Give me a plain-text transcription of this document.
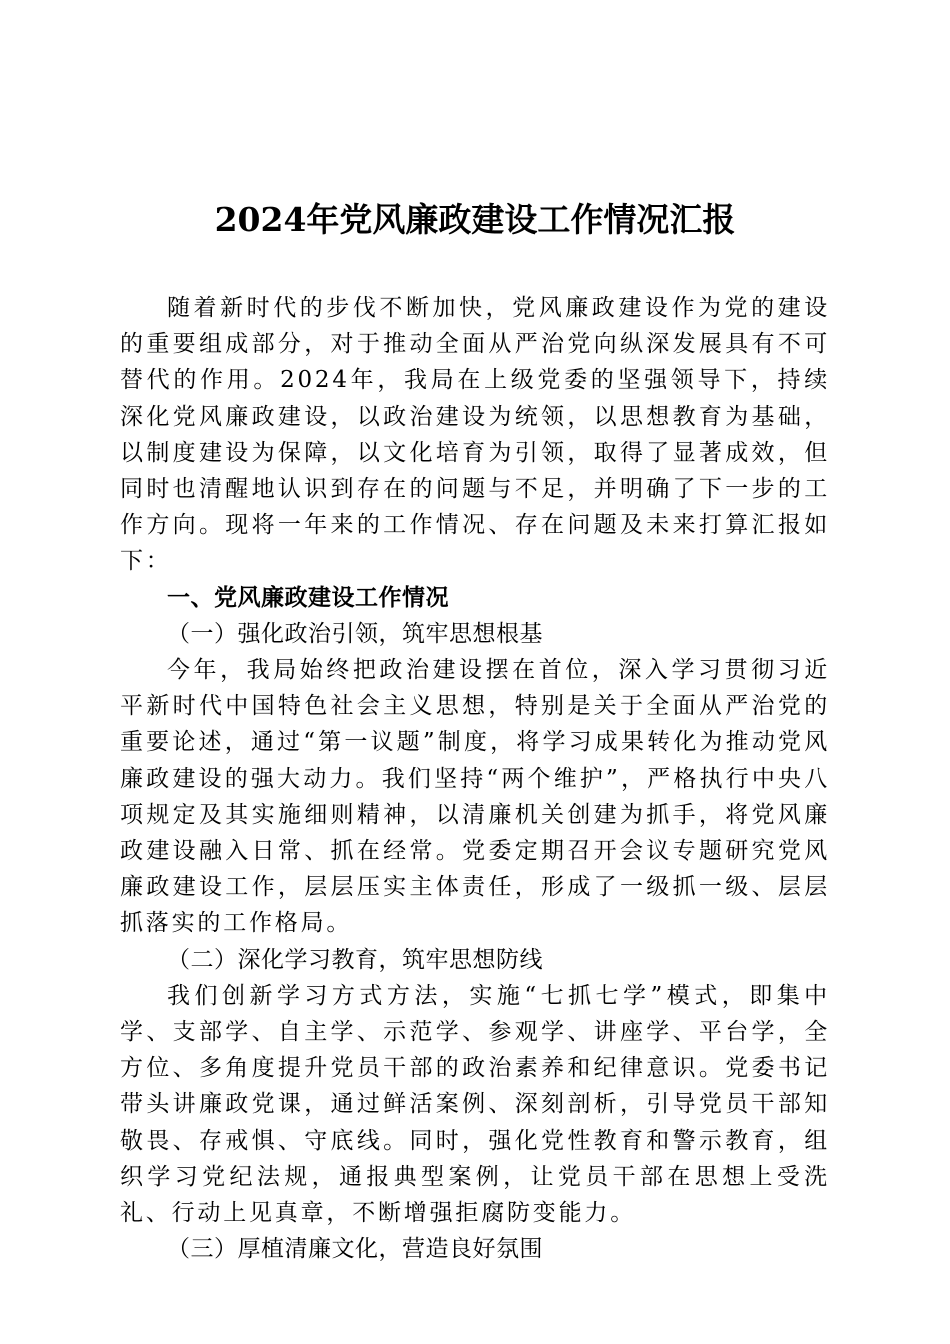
2024年党风廉政建设工作情况汇报

随着新时代的步伐不断加快，党风廉政建设作为党的建设的重要组成部分，对于推动全面从严治党向纵深发展具有不可替代的作用。2024年，我局在上级党委的坚强领导下，持续深化党风廉政建设，以政治建设为统领，以思想教育为基础，以制度建设为保障，以文化培育为引领，取得了显著成效，但同时也清醒地认识到存在的问题与不足，并明确了下一步的工作方向。现将一年来的工作情况、存在问题及未来打算汇报如下：

一、党风廉政建设工作情况

（一）强化政治引领，筑牢思想根基

今年，我局始终把政治建设摆在首位，深入学习贯彻习近平新时代中国特色社会主义思想，特别是关于全面从严治党的重要论述，通过“第一议题”制度，将学习成果转化为推动党风廉政建设的强大动力。我们坚持“两个维护”，严格执行中央八项规定及其实施细则精神，以清廉机关创建为抓手，将党风廉政建设融入日常、抓在经常。党委定期召开会议专题研究党风廉政建设工作，层层压实主体责任，形成了一级抓一级、层层抓落实的工作格局。

（二）深化学习教育，筑牢思想防线

我们创新学习方式方法，实施“七抓七学”模式，即集中学、支部学、自主学、示范学、参观学、讲座学、平台学，全方位、多角度提升党员干部的政治素养和纪律意识。党委书记带头讲廉政党课，通过鲜活案例、深刻剖析，引导党员干部知敬畏、存戒惧、守底线。同时，强化党性教育和警示教育，组织学习党纪法规，通报典型案例，让党员干部在思想上受洗礼、行动上见真章，不断增强拒腐防变能力。

（三）厚植清廉文化，营造良好氛围
